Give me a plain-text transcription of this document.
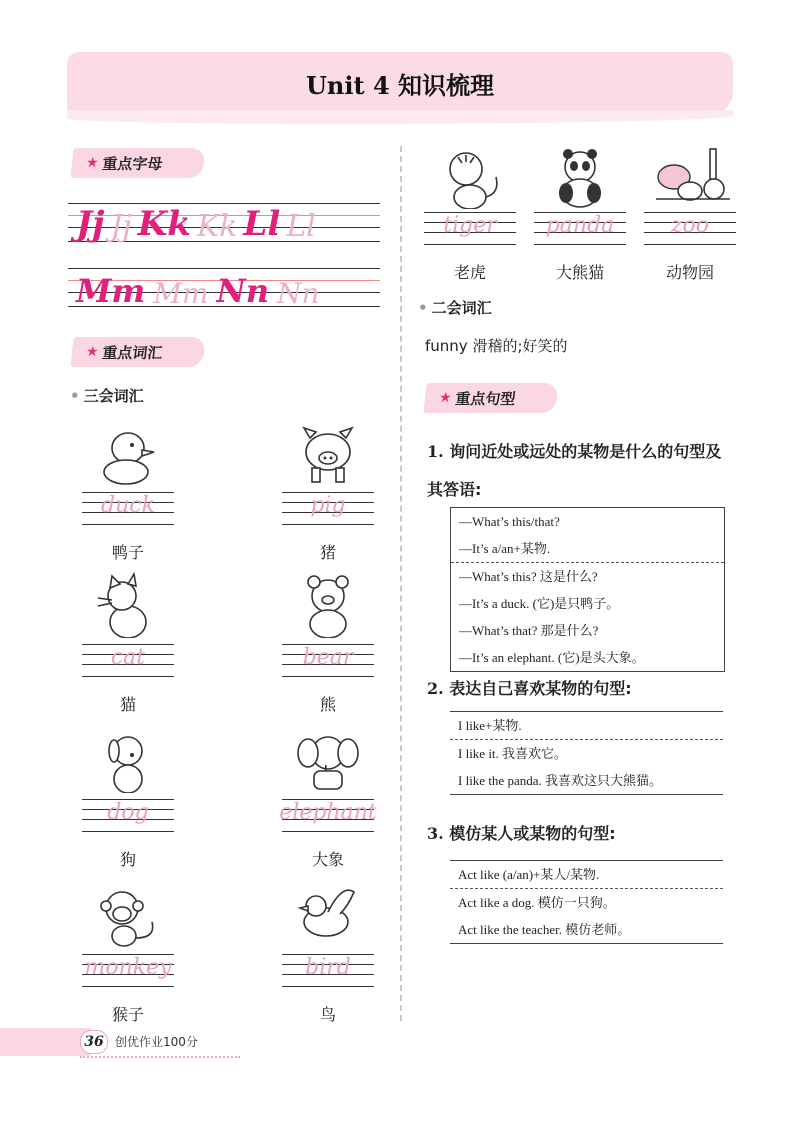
Unit 4 知识梳理
★ 重点字母
Jj Jj Kk Kk Ll Ll
Mm Mm Nn Nn
★ 重点词汇
• 三会词汇
duck
鸭子
pig
猪
cat
猫
bear
熊
dog
狗
elephant
大象
monkey
猴子
bird
鸟
tiger
老虎
panda
大熊猫
zoo
动物园
• 二会词汇
funny 滑稽的;好笑的
★ 重点句型
1. 询问近处或远处的某物是什么的句型及其答语:
—What’s this/that?
—It’s a/an+某物.
—What’s this? 这是什么?
—It’s a duck. (它)是只鸭子。
—What’s that? 那是什么?
—It’s an elephant. (它)是头大象。
2. 表达自己喜欢某物的句型:
I like+某物.
I like it. 我喜欢它。
I like the panda. 我喜欢这只大熊猫。
3. 模仿某人或某物的句型:
Act like (a/an)+某人/某物.
Act like a dog. 模仿一只狗。
Act like the teacher. 模仿老师。
36 创优作业100分
